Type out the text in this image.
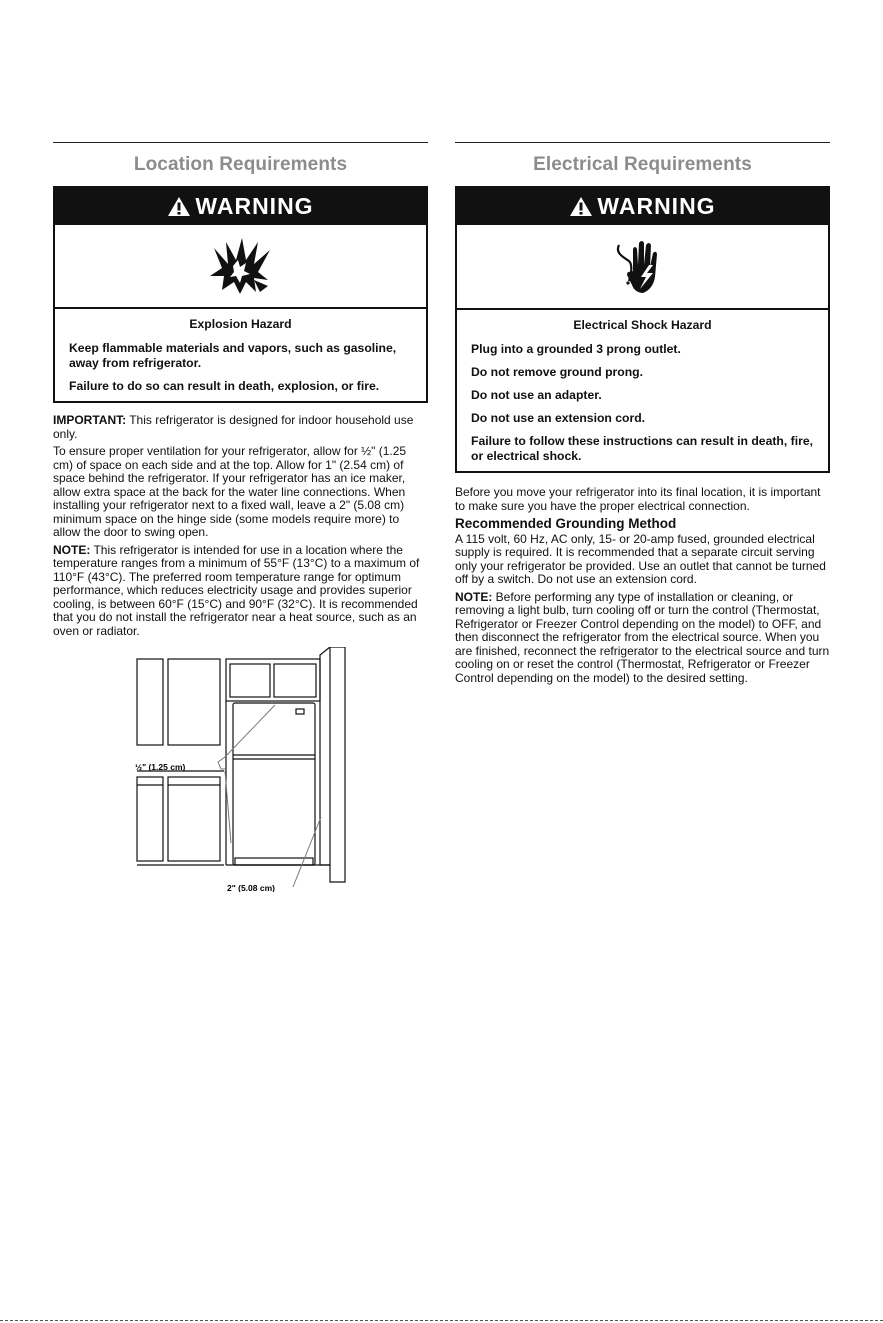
Location Requirements
WARNING

Explosion Hazard

Keep flammable materials and vapors, such as gasoline, away from refrigerator.

Failure to do so can result in death, explosion, or fire.

IMPORTANT: This refrigerator is designed for indoor household use only.

To ensure proper ventilation for your refrigerator, allow for ½" (1.25 cm) of space on each side and at the top. Allow for 1" (2.54 cm) of space behind the refrigerator. If your refrigerator has an ice maker, allow extra space at the back for the water line connections. When installing your refrigerator next to a fixed wall, leave a 2" (5.08 cm) minimum space on the hinge side (some models require more) to allow the door to swing open.

NOTE: This refrigerator is intended for use in a location where the temperature ranges from a minimum of 55°F (13°C) to a maximum of 110°F (43°C). The preferred room temperature range for optimum performance, which reduces electricity usage and provides superior cooling, is between 60°F (15°C) and 90°F (32°C). It is recommended that you do not install the refrigerator near a heat source, such as an oven or radiator.

½" (1.25 cm)
2" (5.08 cm)
Electrical Requirements
WARNING

Electrical Shock Hazard

Plug into a grounded 3 prong outlet.

Do not remove ground prong.

Do not use an adapter.

Do not use an extension cord.

Failure to follow these instructions can result in death, fire, or electrical shock.

Before you move your refrigerator into its final location, it is important to make sure you have the proper electrical connection.

Recommended Grounding Method

A 115 volt, 60 Hz, AC only, 15- or 20-amp fused, grounded electrical supply is required. It is recommended that a separate circuit serving only your refrigerator be provided. Use an outlet that cannot be turned off by a switch. Do not use an extension cord.

NOTE: Before performing any type of installation or cleaning, or removing a light bulb, turn cooling off or turn the control (Thermostat, Refrigerator or Freezer Control depending on the model) to OFF, and then disconnect the refrigerator from the electrical source. When you are finished, reconnect the refrigerator to the electrical source and turn cooling on or reset the control (Thermostat, Refrigerator or Freezer Control depending on the model) to the desired setting.
